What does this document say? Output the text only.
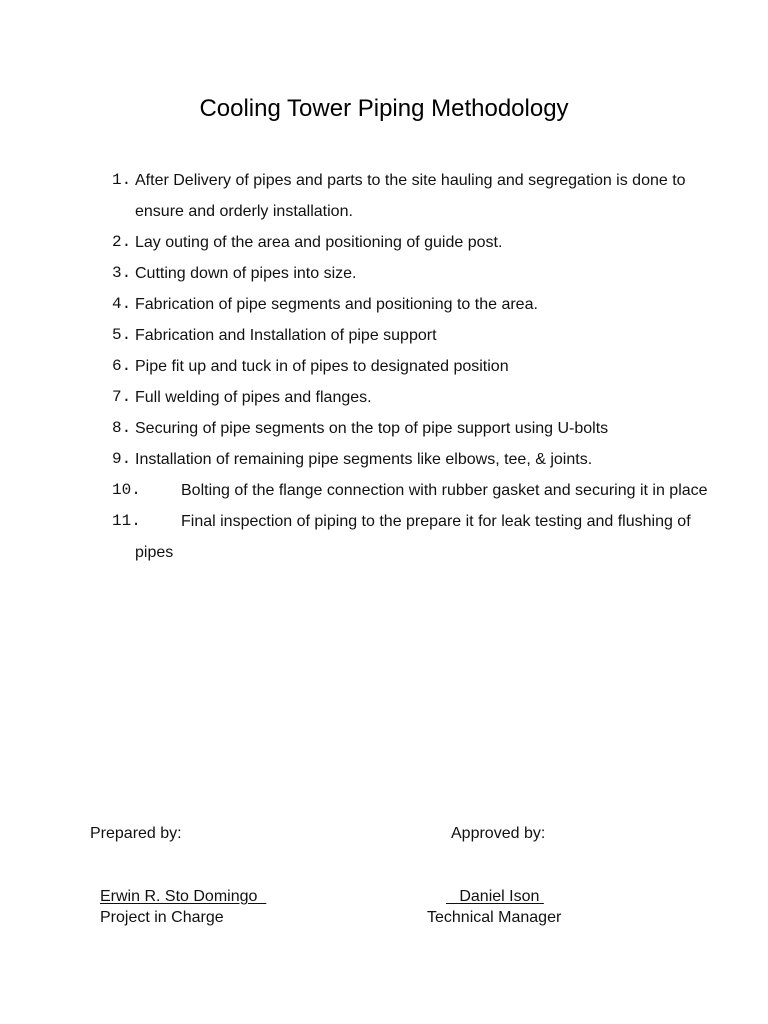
Cooling Tower Piping Methodology
1. After Delivery of pipes and parts to the site hauling and segregation is done to ensure and orderly installation.
2. Lay outing of the area and positioning of guide post.
3. Cutting down of pipes into size.
4. Fabrication of pipe segments and positioning to the area.
5. Fabrication and Installation of pipe support
6. Pipe fit up and tuck in of pipes to designated position
7. Full welding of pipes and flanges.
8. Securing of pipe segments on the top of pipe support using U-bolts
9. Installation of remaining pipe segments like elbows, tee, & joints.
10.	Bolting of the flange connection with rubber gasket and securing it in place
11.	Final inspection of piping to the prepare it for leak testing and flushing of pipes
Prepared by:	Approved by:
Erwin R. Sto Domingo
Project in Charge
Daniel Ison
Technical Manager
